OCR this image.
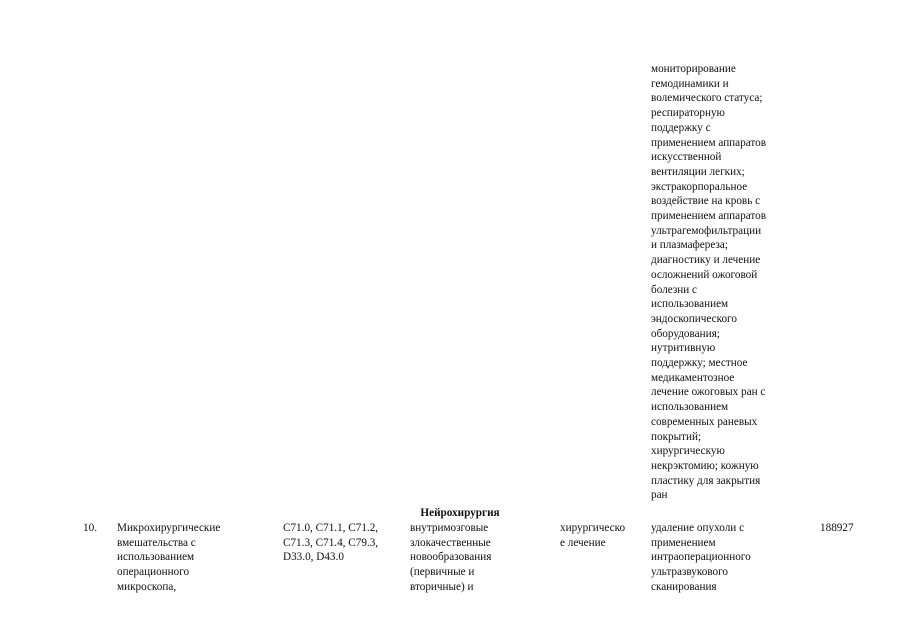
мониторирование
гемодинамики и
волемического статуса;
респираторную
поддержку с
применением аппаратов
искусственной
вентиляции легких;
экстракорпоральное
воздействие на кровь с
применением аппаратов
ультрагемофильтрации
и плазмафереза;
диагностику и лечение
осложнений ожоговой
болезни с
использованием
эндоскопического
оборудования;
нутритивную
поддержку; местное
медикаментозное
лечение ожоговых ран с
использованием
современных раневых
покрытий;
хирургическую
некрэктомию; кожную
пластику для закрытия
ран
Нейрохирургия
10.	Микрохирургические
вмешательства с
использованием
операционного
микроскопа,
C71.0, C71.1, C71.2,
C71.3, C71.4, C79.3,
D33.0, D43.0
внутримозговые
злокачественные
новообразования
(первичные и
вторичные) и
хирургическо
е лечение
удаление опухоли с
применением
интраоперационного
ультразвукового
сканирования
188927
